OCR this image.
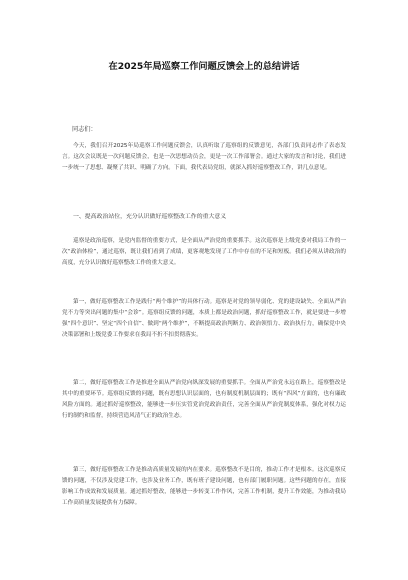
在2025年局巡察工作问题反馈会上的总结讲话
同志们：

今天，我们召开2025年局巡察工作问题反馈会，认真听取了巡察组的反馈意见，各部门负责同志作了表态发言。这次会议既是一次问题反馈会，也是一次思想动员会，更是一次工作部署会。通过大家的发言和讨论，我们进一步统一了思想、凝聚了共识、明确了方向。下面，我代表局党组，就深入抓好巡察整改工作，讲几点意见。

一、提高政治站位，充分认识做好巡察整改工作的重大意义

巡察是政治巡察，是党内监督的重要方式，是全面从严治党的重要抓手。这次巡察是上级党委对我局工作的一次“政治体检”，通过巡察，既让我们看到了成绩，更客观地发现了工作中存在的不足和短板。我们必须从讲政治的高度，充分认识做好巡察整改工作的重大意义。

第一，做好巡察整改工作是践行“两个维护”的具体行动。巡察是对党的领导弱化、党的建设缺失、全面从严治党不力等突出问题的集中“会诊”。巡察组反馈的问题，本质上都是政治问题，抓好巡察整改工作，就是要进一步增强“四个意识”、坚定“四个自信”、做到“两个维护”，不断提高政治判断力、政治领悟力、政治执行力，确保党中央决策部署和上级党委工作要求在我局不折不扣贯彻落实。

第二，做好巡察整改工作是推进全面从严治党向纵深发展的重要抓手。全面从严治党永远在路上，巡察整改是其中的重要环节。巡察组反馈的问题，既有思想认识层面的，也有制度机制层面的；既有“四风”方面的，也有廉政风险方面的。通过抓好巡察整改，能够进一步压实管党治党政治责任，完善全面从严治党制度体系，强化对权力运行的制约和监督，持续营造风清气正的政治生态。

第三，做好巡察整改工作是推动高质量发展的内在要求。巡察整改不是目的，推动工作才是根本。这次巡察反馈的问题，不仅涉及党建工作，也涉及业务工作，既有班子建设问题，也有部门履职问题。这些问题的存在，直接影响工作成效和发展质量。通过抓好整改，能够进一步转变工作作风，完善工作机制，提升工作效能，为推动我局工作高质量发展提供有力保障。
